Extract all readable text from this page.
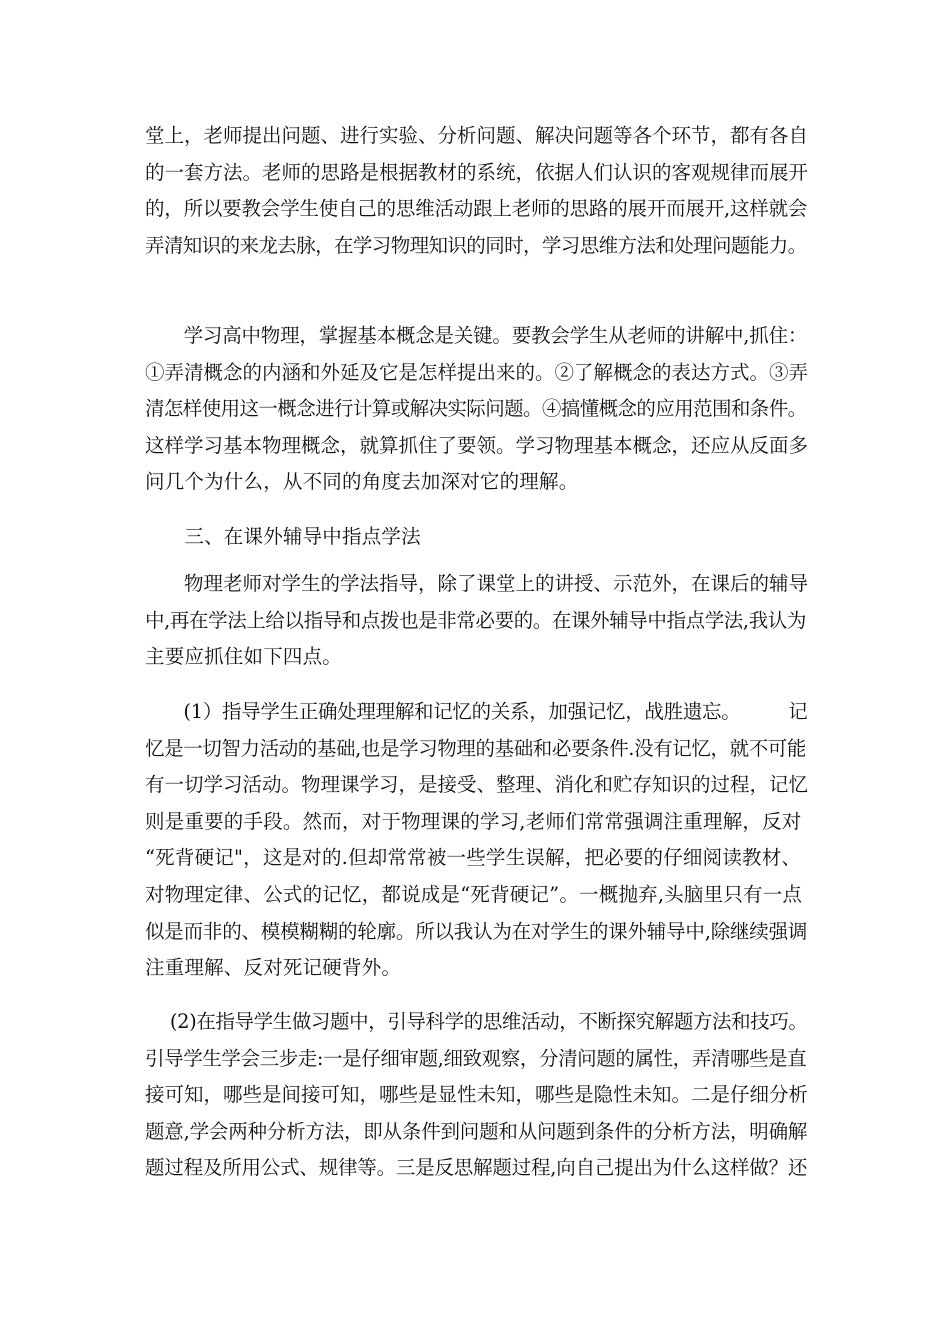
堂上，老师提出问题、进行实验、分析问题、解决问题等各个环节，都有各自
的一套方法。老师的思路是根据教材的系统，依据人们认识的客观规律而展开
的，所以要教会学生使自己的思维活动跟上老师的思路的展开而展开,这样就会
弄清知识的来龙去脉，在学习物理知识的同时，学习思维方法和处理问题能力。
　　学习高中物理，掌握基本概念是关键。要教会学生从老师的讲解中,抓住：
①弄清概念的内涵和外延及它是怎样提出来的。②了解概念的表达方式。③弄
清怎样使用这一概念进行计算或解决实际问题。④搞懂概念的应用范围和条件。
这样学习基本物理概念，就算抓住了要领。学习物理基本概念，还应从反面多
问几个为什么，从不同的角度去加深对它的理解。
　　三、在课外辅导中指点学法
　　物理老师对学生的学法指导，除了课堂上的讲授、示范外，在课后的辅导
中,再在学法上给以指导和点拨也是非常必要的。在课外辅导中指点学法,我认为
主要应抓住如下四点。
　　(1）指导学生正确处理理解和记忆的关系，加强记忆，战胜遗忘。　　　记
忆是一切智力活动的基础,也是学习物理的基础和必要条件.没有记忆，就不可能
有一切学习活动。物理课学习，是接受、整理、消化和贮存知识的过程，记忆
则是重要的手段。然而，对于物理课的学习,老师们常常强调注重理解，反对
“死背硬记"，这是对的.但却常常被一些学生误解，把必要的仔细阅读教材、
对物理定律、公式的记忆，都说成是“死背硬记”。一概抛弃,头脑里只有一点
似是而非的、模模糊糊的轮廓。所以我认为在对学生的课外辅导中,除继续强调
注重理解、反对死记硬背外。
　 (2)在指导学生做习题中，引导科学的思维活动，不断探究解题方法和技巧。
引导学生学会三步走:一是仔细审题,细致观察，分清问题的属性，弄清哪些是直
接可知，哪些是间接可知，哪些是显性未知，哪些是隐性未知。二是仔细分析
题意,学会两种分析方法，即从条件到问题和从问题到条件的分析方法，明确解
题过程及所用公式、规律等。三是反思解题过程,向自己提出为什么这样做？还
